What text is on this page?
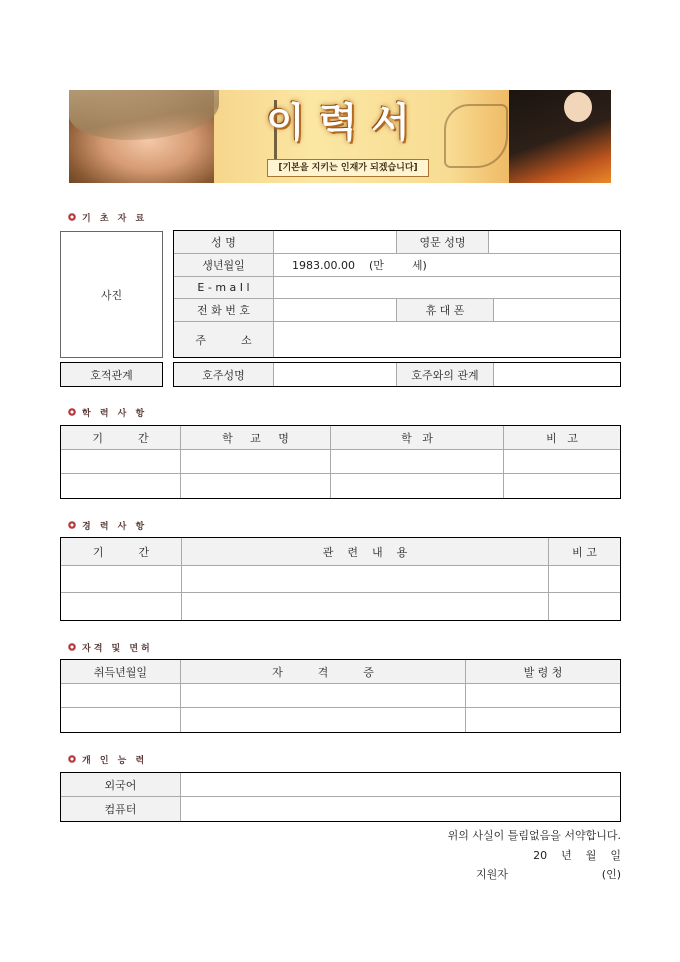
이력서
[기본을 지키는 인재가 되겠습니다]
기 초 자 료
사진
성 명	영문 성명
생년월일	1983.00.00    (만        세)
E - m a I l
전 화 번 호	휴 대 폰
주          소
호적관계	호주성명	호주와의 관계
학 력 사 항
기          간	학     교     명	학   과	비   고
경 력 사 항
기          간	관    련    내    용	비 고
자격 및 면허
취득년월일	자          격          증	발 령 청
개 인 능 력
외국어
컴퓨터
위의 사실이 틀림없음을 서약합니다.
20    년    월    일
지원자	(인)
